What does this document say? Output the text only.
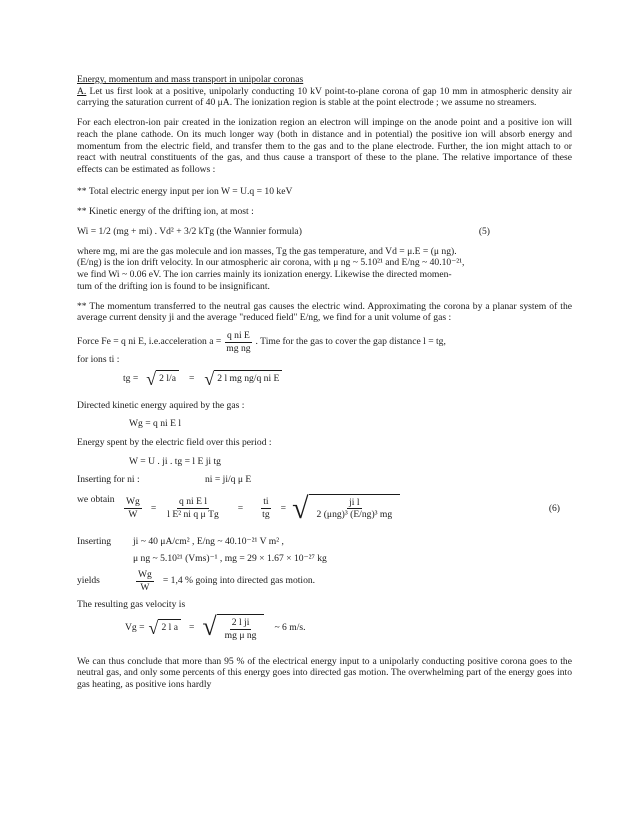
Energy, momentum and mass transport in unipolar coronas

A. Let us first look at a positive, unipolarly conducting 10 kV point-to-plane corona of gap 10 mm in atmospheric density air carrying the saturation current of 40 μA. The ionization region is stable at the point electrode ; we assume no streamers.

For each electron-ion pair created in the ionization region an electron will impinge on the anode point and a positive ion will reach the plane cathode. On its much longer way (both in distance and in potential) the positive ion will absorb energy and momentum from the electric field, and transfer them to the gas and to the plane electrode. Further, the ion might attach to or react with neutral constituents of the gas, and thus cause a transport of these to the plane. The relative importance of these effects can be estimated as follows :

** Total electric energy input per ion W = U.q = 10 keV
** Kinetic energy of the drifting ion, at most :
Wi = 1/2 (mg + mi) . Vd² + 3/2 kTg (the Wannier formula)	(5)
where mg, mi are the gas molecule and ion masses, Tg the gas temperature, and Vd = μ.E = (μ ng).
(E/ng) is the ion drift velocity. In our atmospheric air corona, with μ ng ~ 5.10²¹ and E/ng ~ 40.10⁻²¹,
we find Wi ~ 0.06 eV. The ion carries mainly its ionization energy. Likewise the directed momen-
tum of the drifting ion is found to be insignificant.

** The momentum transferred to the neutral gas causes the electric wind. Approximating the corona by a planar system of the average current density ji and the average "reduced field" E/ng, we find for a unit volume of gas :

Force Fe = q ni E, i.e.acceleration $a = \frac{\text{q ni E}}{\text{mg ng}}$ . Time for the gas to cover the gap distance l = tg,
for ions ti :
tg = √ 2 l/a	= √ 2 l mg ng/q ni E
Directed kinetic energy aquired by the gas :
Wg = q ni E l
Energy spent by the electric field over this period :
W = U . ji . tg = l E ji tg
Inserting for ni :	ni = ji/q μ E
we obtain $\frac{Wg}{W} = \frac{\text{q ni E l}}{\text{l E² ni q μ Tg}} = \frac{ti}{tg}$ = √ $\frac{\text{ji l}}{\text{2 (μng)³ (E/ng)³ mg}}$	(6)
Inserting	ji ~ 40 μA/cm² , E/ng ~ 40.10⁻²¹ V m² ,
μ ng ~ 5.10²¹ (Vms)⁻¹ , mg = 29 × 1.67 × 10⁻²⁷ kg
yields	$\frac{Wg}{W} = 1,4$ % going into directed gas motion.
The resulting gas velocity is
Vg = √ 2 l a	= √ $\frac{\text{2 l ji}}{\text{mg μ ng}}$ ~ 6 m/s.

We can thus conclude that more than 95 % of the electrical energy input to a unipolarly conducting positive corona goes to the neutral gas, and only some percents of this energy goes into directed gas motion. The overwhelming part of the energy goes into gas heating, as positive ions hardly
